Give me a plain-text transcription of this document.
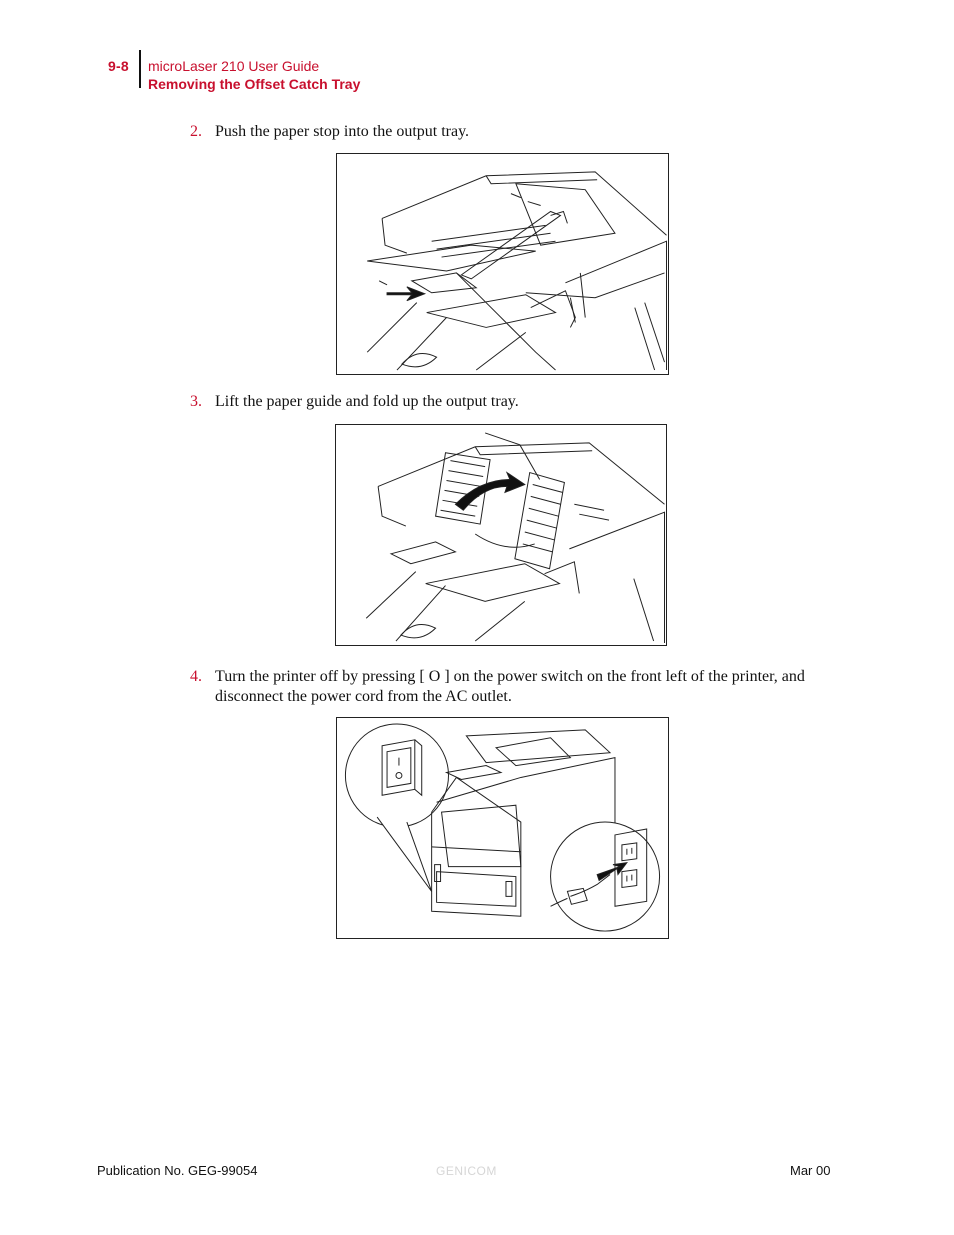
9-8 microLaser 210 User Guide
Removing the Offset Catch Tray
2. Push the paper stop into the output tray.
3. Lift the paper guide and fold up the output tray.
4. Turn the printer off by pressing [ O ] on the power switch on the front left of the printer, and disconnect the power cord from the AC outlet.
Publication No. GEG-99054	GENICOM	Mar 00
